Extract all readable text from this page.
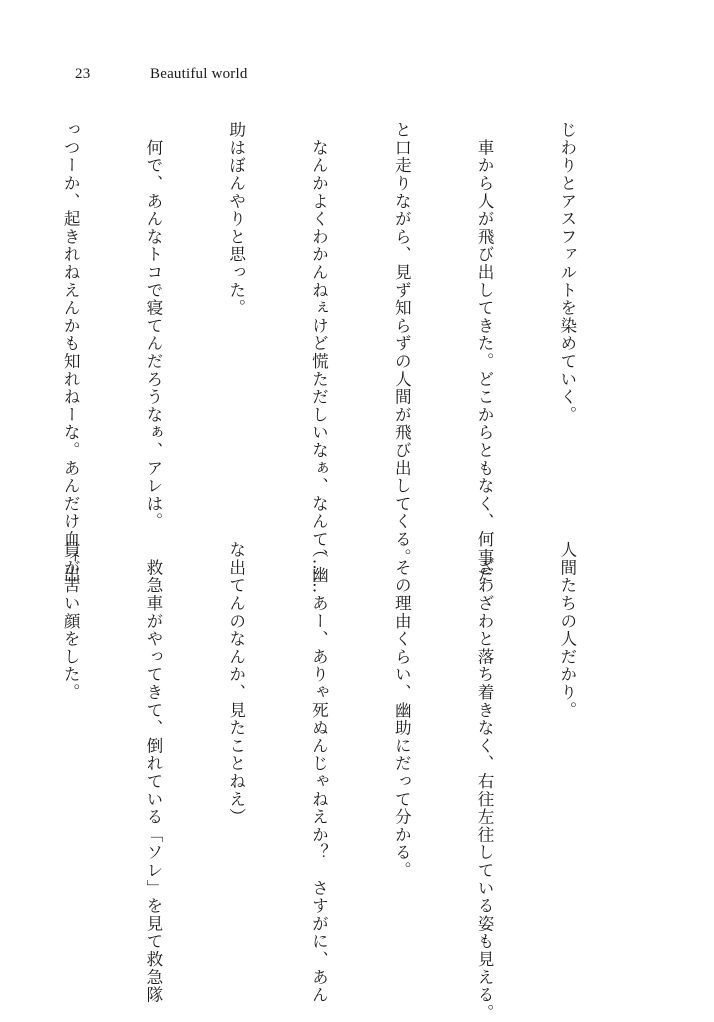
23	Beautiful world

じわりとアスファルトを染めていく。

　車から人が飛び出してきた。どこからともなく、何事だ

と口走りながら、見ず知らずの人間が飛び出してくる。

　なんかよくわかんねぇけど慌ただしいなぁ、なんて、幽

助はぼんやりと思った。

　何で、あんなトコで寝てんだろうなぁ、アレは。

っつーか、起きれねえんかも知れねーな。あんだけ血ィ出

人間たちの人だかり。

　ざわざわと落ち着きなく、右往左往している姿も見える。

　その理由くらい、幽助にだって分かる。

（……あー、ありゃ死ぬんじゃねえか？　さすがに、あん

な出てんのなんか、見たことねえ）

　救急車がやってきて、倒れている「ソレ」を見て救急隊

員が苦い顔をした。
